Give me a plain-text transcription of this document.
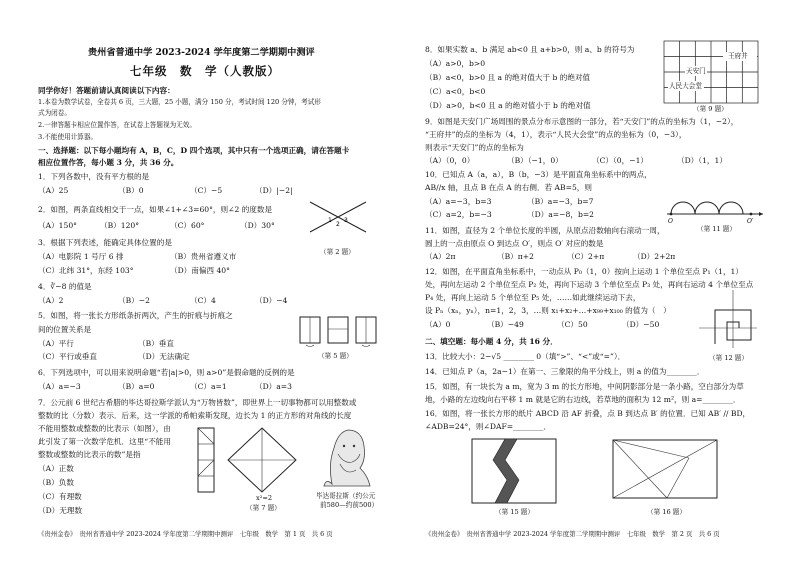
贵州省普通中学 2023-2024 学年度第二学期期中测评
七年级　数　学（人教版）
同学你好！答题前请认真阅读以下内容：
1.本卷为数学试卷，全卷共 6 页，三大题，25 小题，满分 150 分，考试时间 120 分钟，考试形
式为闭卷。
2.一律答题卡相应位置作答，在试卷上答题视为无效。
3.不能使用计算器。
一、选择题：以下每小题均有 A，B，C，D 四个选项，其中只有一个选项正确，请在答题卡
相应位置作答，每小题 3 分，共 36 分。
1．下列各数中，没有平方根的是
（A）25	（B）0	（C）−5	（D）|−2|
2．如图，两条直线相交于一点，如果∠1+∠3=60°，则∠2 的度数是
（A）150°	（B）120°	（C）60°	（D）30°
1
2
3
（第 2 题）
3．根据下列表述，能确定具体位置的是
（A）电影院 1 号厅 6 排	（B）贵州省遵义市
（C）北纬 31°，东经 103°	（D）南偏西 40°
4．∛−8 的值是
（A）2	（B）−2	（C）4	（D）−4
5．如图，将一张长方形纸条折两次，产生的折痕与折痕之
间的位置关系是
（A）平行	（B）垂直
（C）平行或垂直	（D）无法确定	（第 5 题）
6．下列选项中，可以用来说明命题“若|a|>0，则 a>0”是假命题的反例的是
（A）a=−3	（B）a=0	（C）a=1	（D）a=3
7．公元前 6 世纪古希腊的毕达哥拉斯学派认为“万物皆数”，即世界上一切事物都可以用整数或
整数的比（分数）表示．后来，这一学派的希帕索斯发现，边长为 1 的正方形的对角线的长度
不能用整数或整数的比表示（如图），由
此引发了第一次数学危机．这里“不能用
整数或整数的比表示的数”是指
（A）正数
（B）负数
（C）有理数
（D）无理数
x²=2
（第 7 题）
毕达哥拉斯（约公元
前580—约前500）
《贵州金卷》　贵州省普通中学 2023-2024 学年度第二学期期中测评　七年级　数学　第 1 页　共 6 页
8．如果实数 a、b 满足 ab<0 且 a+b>0，则 a、b 的符号为
（A）a>0，b>0
（B）a<0，b>0 且 a 的绝对值大于 b 的绝对值
（C）a<0，b<0
（D）a>0，b<0 且 a 的绝对值小于 b 的绝对值
王府井
天安门
人民大会堂
（第 9 题）
9．如图是天安门广场周围的景点分布示意图的一部分，若“天安门”的点的坐标为（1，−2），
“王府井”的点的坐标为（4，1），表示“人民大会堂”的点的坐标为（0，−3），
则表示“天安门”的点的坐标为
（A）（0，0）	（B）（−1，0）	（C）（0，−1）	（D）（1，1）
10．已知点 A（a，a），B（b，−3）是平面直角坐标系中的两点，
AB//x 轴，且点 B 在点 A 的右侧．若 AB=5，则
（A）a=−3，b=3	（B）a=−3，b=7
（C）a=2，b=−3	（D）a=−8，b=2
O	O′
（第 11 题）
11．如图，直径为 2 个单位长度的半圆，从原点沿数轴向右滚动一周，
圆上的一点由原点 O 到达点 O′，则点 O′ 对应的数是
（A）2π	（B）π+2	（C）2+π	（D）2+2π
12．如图，在平面直角坐标系中，一动点从 P₀（1，0）按向上运动 1 个单位至点 P₁（1，1）
处，再向左运动 2 个单位至点 P₂ 处，再向下运动 3 个单位至点 P₃ 处，再向右运动 4 个单位至点
P₄ 处，再向上运动 5 个单位至 P₅ 处，……如此继续运动下去，
设 Pₙ（xₙ，yₙ），n=1，2，3，…则 x₁+x₂+…+x₉₉+x₁₀₀ 的值为（　）
（A）0	（B）−49	（C）50	（D）−50
（第 12 题）
二、填空题：每小题 4 分，共 16 分．
13．比较大小：2−√5 ________ 0（填“>”、“<”或“=”）．
14．已知点 P（a，2a−1）在第一、三象限的角平分线上，则 a 的值为________．
15．如图，有一块长为 a m，宽为 3 m 的长方形地，中间阴影部分是一条小路，空白部分为草
地，小路的左边线向右平移 1 m 就是它的右边线，若草地的面积为 12 m²，则 a=________．
16．如图，将一张长方形的纸片 ABCD 沿 AF 折叠，点 B 到达点 B′ 的位置．已知 AB′ // BD，
∠ADB=24°，则∠DAF=________．
（第 15 题）	（第 16 题）
《贵州金卷》　贵州省普通中学 2023-2024 学年度第二学期期中测评　七年级　数学　第 2 页　共 6 页
